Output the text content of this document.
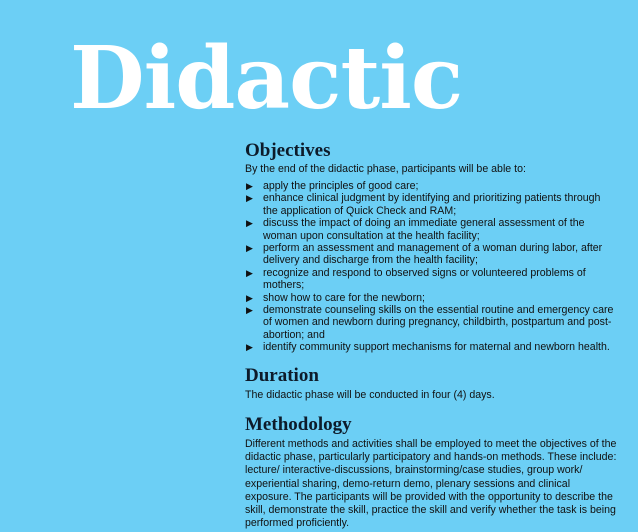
Didactic
Objectives

By the end of the didactic phase, participants will be able to:

▶ apply the principles of good care;
▶ enhance clinical judgment by identifying and prioritizing patients through the application of Quick Check and RAM;
▶ discuss the impact of doing an immediate general assessment of the woman upon consultation at the health facility;
▶ perform an assessment and management of a woman during labor, after delivery and discharge from the health facility;
▶ recognize and respond to observed signs or volunteered problems of mothers;
▶ show how to care for the newborn;
▶ demonstrate counseling skills on the essential routine and emergency care of women and newborn during pregnancy, childbirth, postpartum and post-abortion; and
▶ identify community support mechanisms for maternal and newborn health.
Duration

The didactic phase will be conducted in four (4) days.

Methodology

Different methods and activities shall be employed to meet the objectives of the didactic phase, particularly participatory and hands-on methods. These include: lecture/ interactive-discussions, brainstorming/case studies, group work/ experiential sharing, demo-return demo, plenary sessions and clinical exposure. The participants will be provided with the opportunity to describe the skill, demonstrate the skill, practice the skill and verify whether the task is being performed proficiently.
